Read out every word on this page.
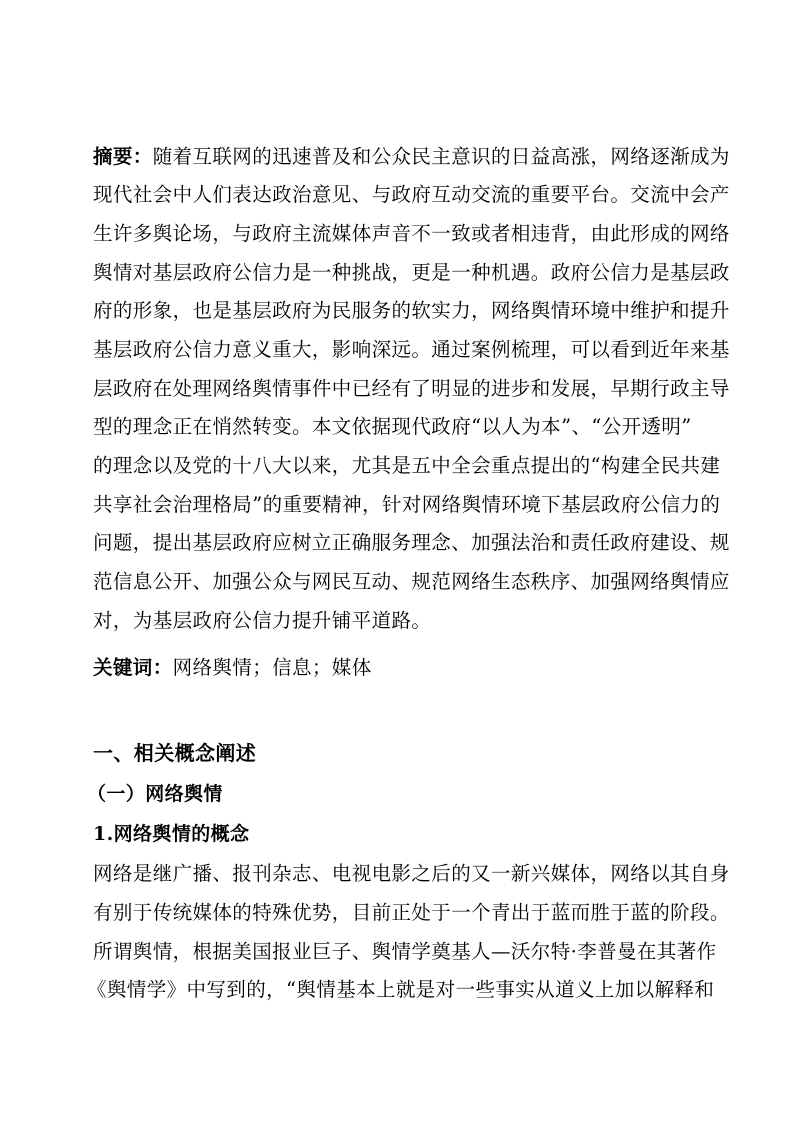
摘要：随着互联网的迅速普及和公众民主意识的日益高涨，网络逐渐成为
现代社会中人们表达政治意见、与政府互动交流的重要平台。交流中会产
生许多舆论场，与政府主流媒体声音不一致或者相违背，由此形成的网络
舆情对基层政府公信力是一种挑战，更是一种机遇。政府公信力是基层政
府的形象，也是基层政府为民服务的软实力，网络舆情环境中维护和提升
基层政府公信力意义重大，影响深远。通过案例梳理，可以看到近年来基
层政府在处理网络舆情事件中已经有了明显的进步和发展，早期行政主导
型的理念正在悄然转变。本文依据现代政府“以人为本”、“公开透明”
的理念以及党的十八大以来，尤其是五中全会重点提出的“构建全民共建
共享社会治理格局”的重要精神，针对网络舆情环境下基层政府公信力的
问题，提出基层政府应树立正确服务理念、加强法治和责任政府建设、规
范信息公开、加强公众与网民互动、规范网络生态秩序、加强网络舆情应
对，为基层政府公信力提升铺平道路。
关键词：网络舆情；信息；媒体
一、相关概念阐述
（一）网络舆情
1.网络舆情的概念
网络是继广播、报刊杂志、电视电影之后的又一新兴媒体，网络以其自身
有别于传统媒体的特殊优势，目前正处于一个青出于蓝而胜于蓝的阶段。
所谓舆情，根据美国报业巨子、舆情学奠基人—沃尔特·李普曼在其著作
《舆情学》中写到的，“舆情基本上就是对一些事实从道义上加以解释和
